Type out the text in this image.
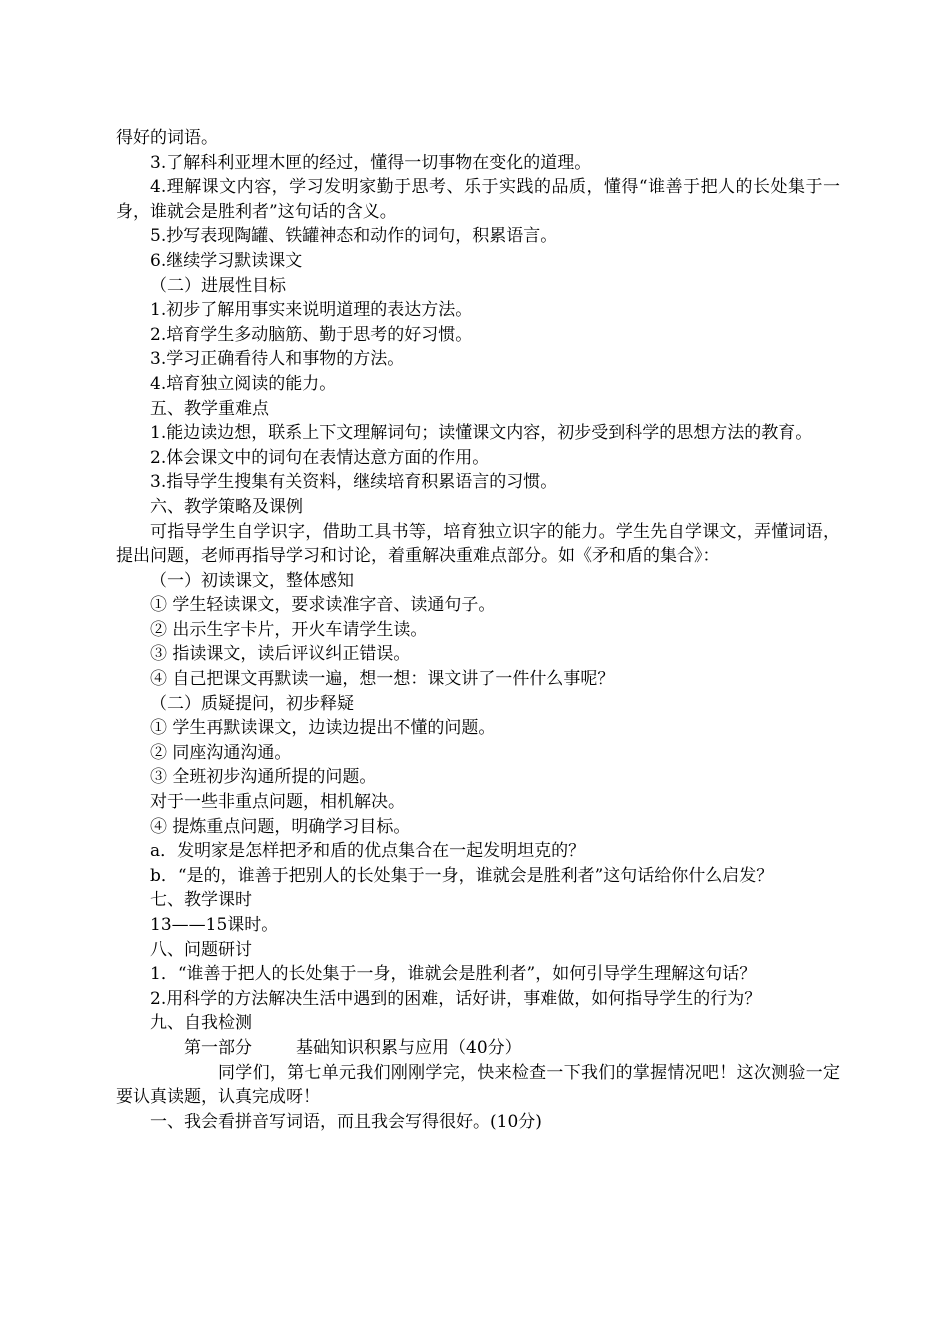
得好的词语。

3.了解科利亚埋木匣的经过，懂得一切事物在变化的道理。

4.理解课文内容，学习发明家勤于思考、乐于实践的品质，懂得“谁善于把人的长处集于一身，谁就会是胜利者”这句话的含义。

5.抄写表现陶罐、铁罐神态和动作的词句，积累语言。

6.继续学习默读课文

（二）进展性目标

1.初步了解用事实来说明道理的表达方法。

2.培育学生多动脑筋、勤于思考的好习惯。

3.学习正确看待人和事物的方法。

4.培育独立阅读的能力。

五、教学重难点

1.能边读边想，联系上下文理解词句；读懂课文内容，初步受到科学的思想方法的教育。

2.体会课文中的词句在表情达意方面的作用。

3.指导学生搜集有关资料，继续培育积累语言的习惯。

六、教学策略及课例

可指导学生自学识字，借助工具书等，培育独立识字的能力。学生先自学课文，弄懂词语，提出问题，老师再指导学习和讨论，着重解决重难点部分。如《矛和盾的集合》：

（一）初读课文，整体感知

① 学生轻读课文，要求读准字音、读通句子。

② 出示生字卡片，开火车请学生读。

③ 指读课文，读后评议纠正错误。

④ 自己把课文再默读一遍，想一想：课文讲了一件什么事呢？

（二）质疑提问，初步释疑

① 学生再默读课文，边读边提出不懂的问题。

② 同座沟通沟通。

③ 全班初步沟通所提的问题。

对于一些非重点问题，相机解决。

④ 提炼重点问题，明确学习目标。

a．发明家是怎样把矛和盾的优点集合在一起发明坦克的？

b．“是的，谁善于把别人的长处集于一身，谁就会是胜利者”这句话给你什么启发？

七、教学课时

13——15课时。

八、问题研讨

1．“谁善于把人的长处集于一身，谁就会是胜利者”，如何引导学生理解这句话？

2.用科学的方法解决生活中遇到的困难，话好讲，事难做，如何指导学生的行为？

九、自我检测

第一部分	基础知识积累与应用（40分）

同学们，第七单元我们刚刚学完，快来检查一下我们的掌握情况吧！这次测验一定要认真读题，认真完成呀！

一、我会看拼音写词语，而且我会写得很好。(10分)
